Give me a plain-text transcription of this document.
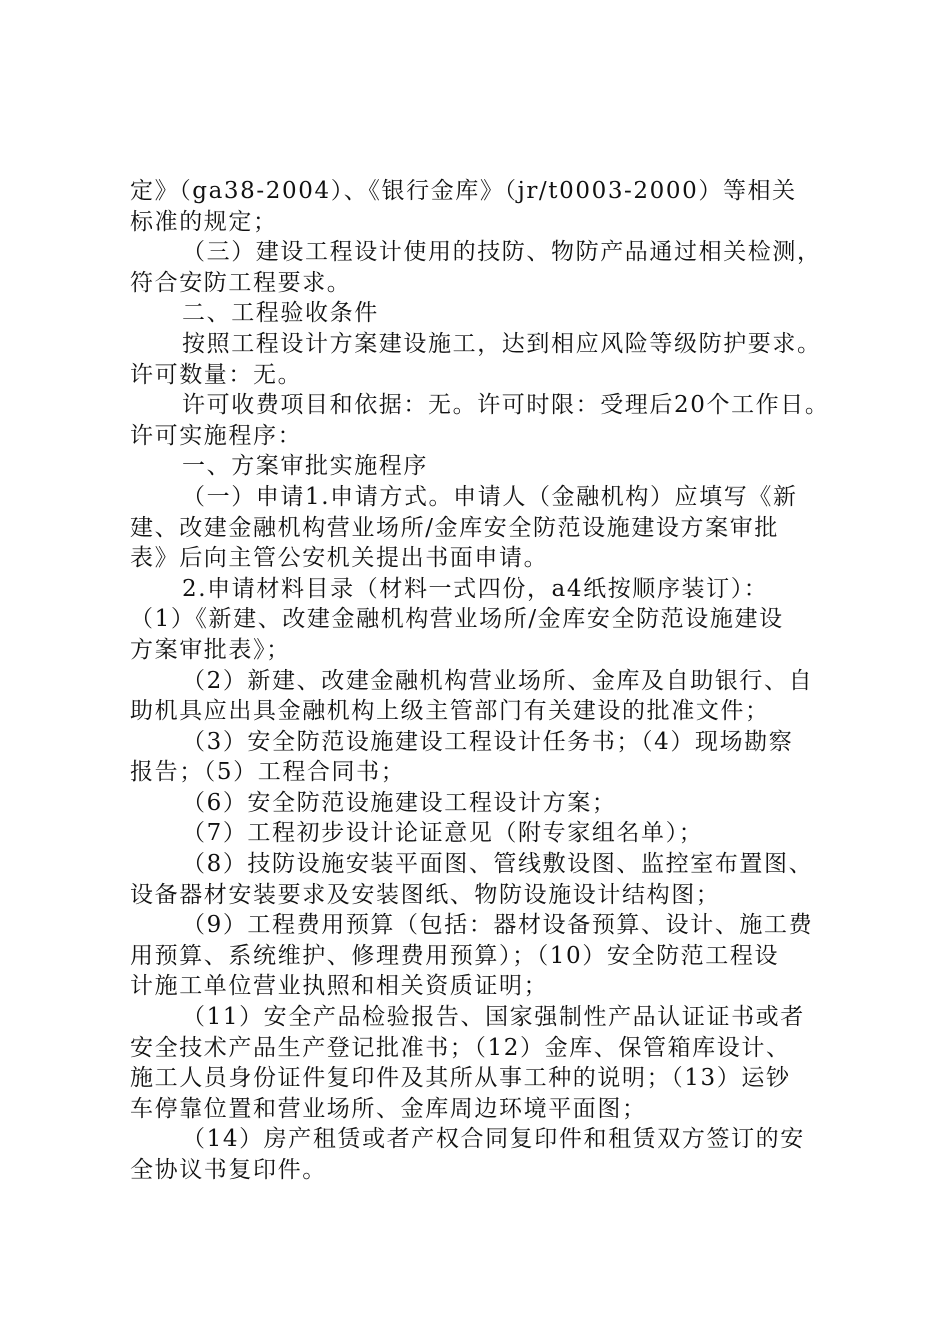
定》（ga38-2004）、《银行金库》（jr/t0003-2000）等相关
标准的规定；
（三）建设工程设计使用的技防、物防产品通过相关检测，
符合安防工程要求。
二、工程验收条件
按照工程设计方案建设施工，达到相应风险等级防护要求。
许可数量：无。
许可收费项目和依据：无。许可时限：受理后20个工作日。
许可实施程序：
一、方案审批实施程序
（一）申请1.申请方式。申请人（金融机构）应填写《新
建、改建金融机构营业场所/金库安全防范设施建设方案审批
表》后向主管公安机关提出书面申请。
2.申请材料目录（材料一式四份，a4纸按顺序装订）：
（1）《新建、改建金融机构营业场所/金库安全防范设施建设
方案审批表》；
（2）新建、改建金融机构营业场所、金库及自助银行、自
助机具应出具金融机构上级主管部门有关建设的批准文件；
（3）安全防范设施建设工程设计任务书；（4）现场勘察
报告；（5）工程合同书；
（6）安全防范设施建设工程设计方案；
（7）工程初步设计论证意见（附专家组名单）；
（8）技防设施安装平面图、管线敷设图、监控室布置图、
设备器材安装要求及安装图纸、物防设施设计结构图；
（9）工程费用预算（包括：器材设备预算、设计、施工费
用预算、系统维护、修理费用预算）；（10）安全防范工程设
计施工单位营业执照和相关资质证明；
（11）安全产品检验报告、国家强制性产品认证证书或者
安全技术产品生产登记批准书；（12）金库、保管箱库设计、
施工人员身份证件复印件及其所从事工种的说明；（13）运钞
车停靠位置和营业场所、金库周边环境平面图；
（14）房产租赁或者产权合同复印件和租赁双方签订的安
全协议书复印件。
